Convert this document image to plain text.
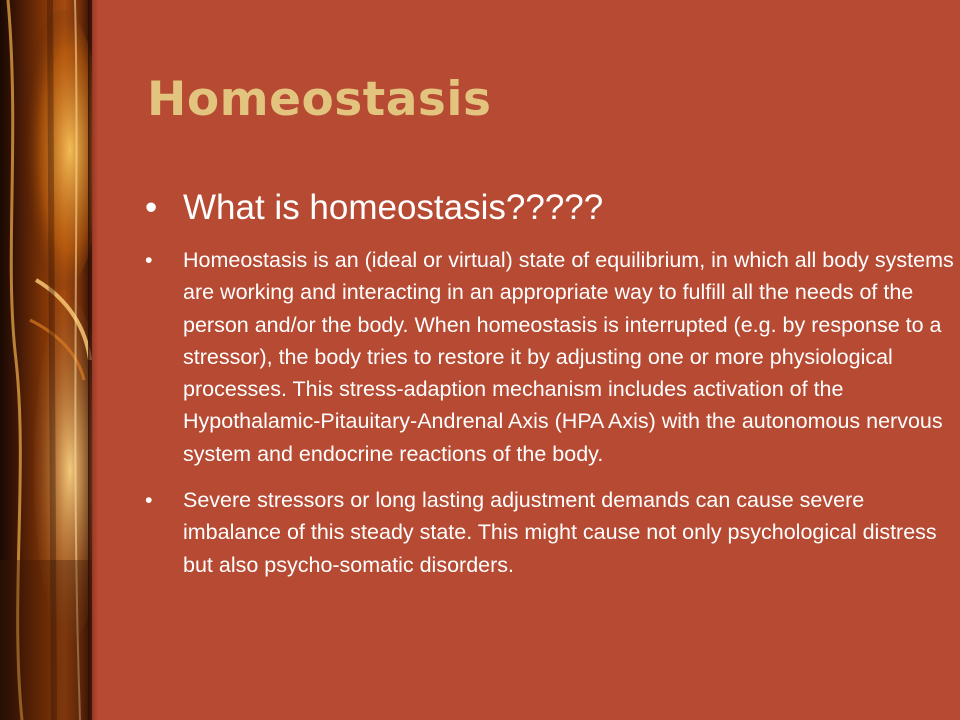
Homeostasis
• What is homeostasis?????
• Homeostasis is an (ideal or virtual) state of equilibrium, in which all body systems are working and interacting in an appropriate way to fulfill all the needs of the person and/or the body. When homeostasis is interrupted (e.g. by response to a stressor), the body tries to restore it by adjusting one or more physiological processes. This stress-adaption mechanism includes activation of the Hypothalamic-Pitauitary-Andrenal Axis (HPA Axis) with the autonomous nervous system and endocrine reactions of the body.
• Severe stressors or long lasting adjustment demands can cause severe imbalance of this steady state. This might cause not only psychological distress but also psycho-somatic disorders.
